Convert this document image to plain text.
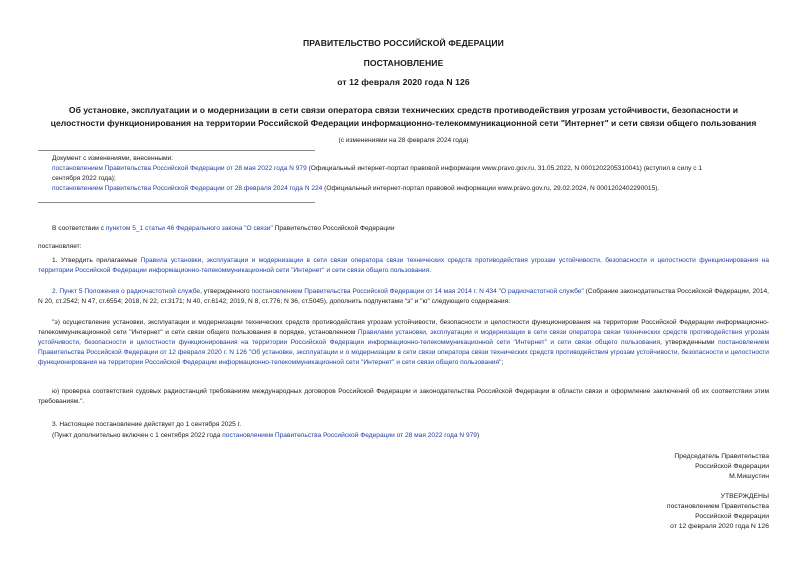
ПРАВИТЕЛЬСТВО РОССИЙСКОЙ ФЕДЕРАЦИИ
ПОСТАНОВЛЕНИЕ
от 12 февраля 2020 года N 126
Об установке, эксплуатации и о модернизации в сети связи оператора связи технических средств противодействия угрозам устойчивости, безопасности и
целостности функционирования на территории Российской Федерации информационно-телекоммуникационной сети "Интернет" и сети связи общего пользования
(с изменениями на 28 февраля 2024 года)
Документ с изменениями, внесенными:
постановлением Правительства Российской Федерации от 28 мая 2022 года N 979 (Официальный интернет-портал правовой информации www.pravo.gov.ru, 31.05.2022, N 0001202205310041) (вступил в силу с 1
сентября 2022 года);
постановлением Правительства Российской Федерации от 28 февраля 2024 года N 224 (Официальный интернет-портал правовой информации www.pravo.gov.ru, 29.02.2024, N 0001202402290015).
В соответствии с пунктом 5_1 статьи 46 Федерального закона "О связи" Правительство Российской Федерации
постановляет:
1. Утвердить прилагаемые Правила установки, эксплуатации и модернизации в сети связи оператора связи технических средств противодействия угрозам устойчивости, безопасности и целостности функционирования на территории Российской Федерации информационно-телекоммуникационной сети "Интернет" и сети связи общего пользования.
2. Пункт 5 Положения о радиочастотной службе, утвержденного постановлением Правительства Российской Федерации от 14 мая 2014 г. N 434 "О радиочастотной службе" (Собрание законодательства Российской Федерации, 2014, N 20, ст.2542; N 47, ст.6554; 2018, N 22, ст.3171; N 40, ст.6142; 2019, N 8, ст.776; N 36, ст.5045), дополнить подпунктами "э" и "ю" следующего содержания:
"э) осуществление установки, эксплуатации и модернизации технических средств противодействия угрозам устойчивости, безопасности и целостности функционирования на территории Российской Федерации информационно-телекоммуникационной сети "Интернет" и сети связи общего пользования в порядке, установленном Правилами установки, эксплуатации и модернизации в сети связи оператора связи технических средств противодействия угрозам устойчивости, безопасности и целостности функционирования на территории Российской Федерации информационно-телекоммуникационной сети "Интернет" и сети связи общего пользования, утвержденными постановлением Правительства Российской Федерации от 12 февраля 2020 г. N 126 "Об установке, эксплуатации и о модернизации в сети связи оператора связи технических средств противодействия угрозам устойчивости, безопасности и целостности функционирования на территории Российской Федерации информационно-телекоммуникационной сети "Интернет" и сети связи общего пользования";
ю) проверка соответствия судовых радиостанций требованиям международных договоров Российской Федерации и законодательства Российской Федерации в области связи и оформление заключений об их соответствии этим требованиям.".
3. Настоящее постановление действует до 1 сентября 2025 г.
(Пункт дополнительно включен с 1 сентября 2022 года постановлением Правительства Российской Федерации от 28 мая 2022 года N 979)
Председатель Правительства
Российской Федерации
М.Мишустин
УТВЕРЖДЕНЫ
постановлением Правительства
Российской Федерации
от 12 февраля 2020 года N 126
